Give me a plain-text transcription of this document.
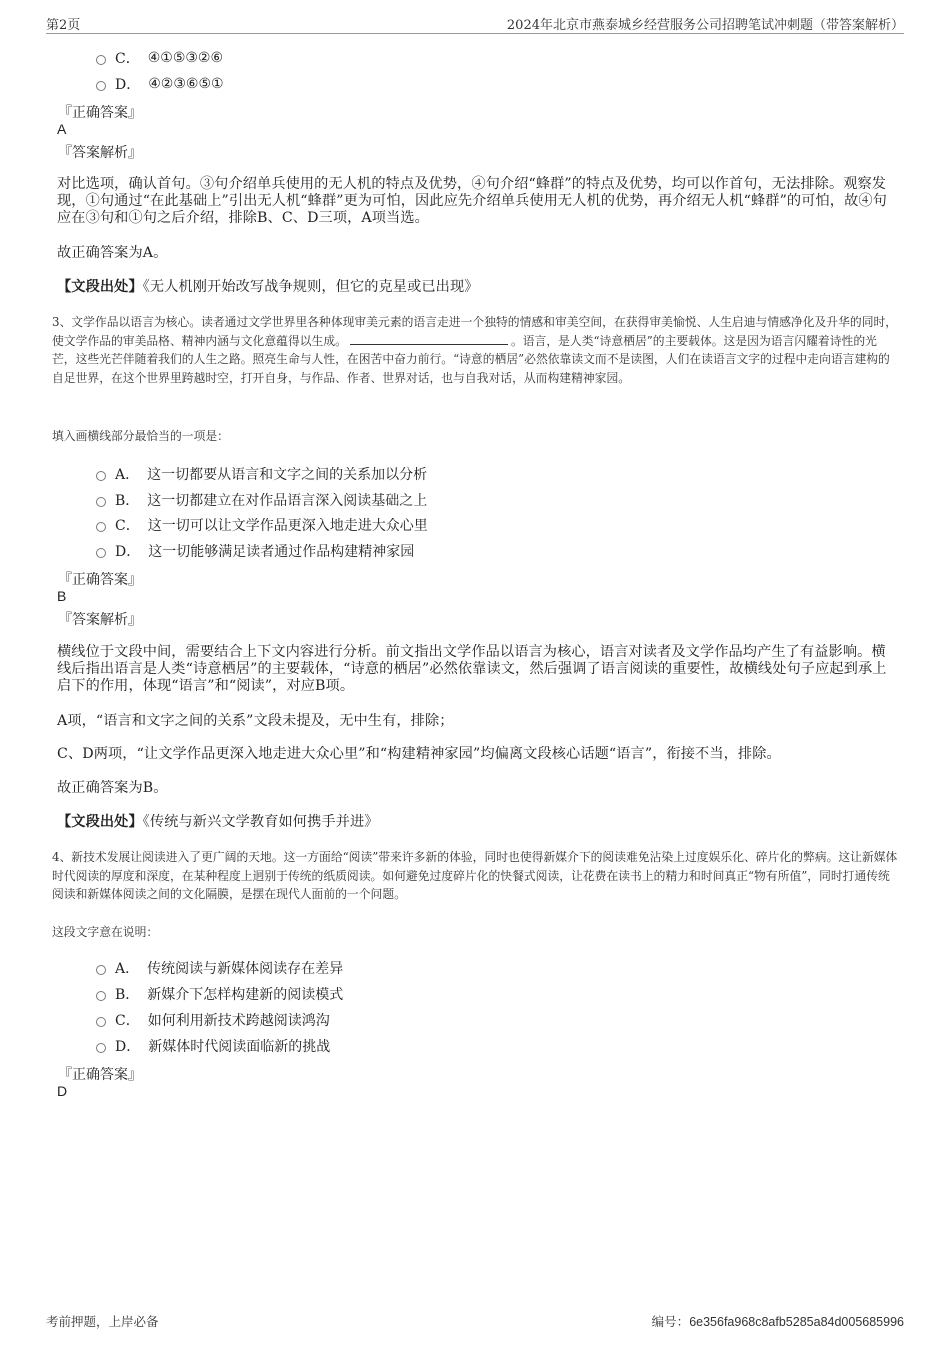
第2页	2024年北京市燕泰城乡经营服务公司招聘笔试冲刺题（带答案解析）
C． ④①⑤③②⑥
D． ④②③⑥⑤①
『正确答案』
A
『答案解析』
对比选项，确认首句。③句介绍单兵使用的无人机的特点及优势，④句介绍“蜂群”的特点及优势，均可以作首句，无法排除。观察发现，①句通过“在此基础上”引出无人机“蜂群”更为可怕，因此应先介绍单兵使用无人机的优势，再介绍无人机“蜂群”的可怕，故④句应在③句和①句之后介绍，排除B、C、D三项，A项当选。
故正确答案为A。
【文段出处】《无人机刚开始改写战争规则，但它的克星或已出现》
3、文学作品以语言为核心。读者通过文学世界里各种体现审美元素的语言走进一个独特的情感和审美空间，在获得审美愉悦、人生启迪与情感净化及升华的同时，使文学作品的审美品格、精神内涵与文化意蕴得以生成。	。语言，是人类“诗意栖居”的主要载体。这是因为语言闪耀着诗性的光芒，这些光芒伴随着我们的人生之路。照亮生命与人性，在困苦中奋力前行。“诗意的栖居”必然依靠读文而不是读图，人们在读语言文字的过程中走向语言建构的自足世界，在这个世界里跨越时空，打开自身，与作品、作者、世界对话，也与自我对话，从而构建精神家园。
填入画横线部分最恰当的一项是：
A． 这一切都要从语言和文字之间的关系加以分析
B． 这一切都建立在对作品语言深入阅读基础之上
C． 这一切可以让文学作品更深入地走进大众心里
D． 这一切能够满足读者通过作品构建精神家园
『正确答案』
B
『答案解析』
横线位于文段中间，需要结合上下文内容进行分析。前文指出文学作品以语言为核心，语言对读者及文学作品均产生了有益影响。横线后指出语言是人类“诗意栖居”的主要载体，“诗意的栖居”必然依靠读文，然后强调了语言阅读的重要性，故横线处句子应起到承上启下的作用，体现“语言”和“阅读”，对应B项。
A项，“语言和文字之间的关系”文段未提及，无中生有，排除；
C、D两项，“让文学作品更深入地走进大众心里”和“构建精神家园”均偏离文段核心话题“语言”，衔接不当，排除。
故正确答案为B。
【文段出处】《传统与新兴文学教育如何携手并进》
4、新技术发展让阅读进入了更广阔的天地。这一方面给“阅读”带来许多新的体验，同时也使得新媒介下的阅读难免沾染上过度娱乐化、碎片化的弊病。这让新媒体时代阅读的厚度和深度，在某种程度上迥别于传统的纸质阅读。如何避免过度碎片化的快餐式阅读，让花费在读书上的精力和时间真正“物有所值”，同时打通传统阅读和新媒体阅读之间的文化隔膜，是摆在现代人面前的一个问题。
这段文字意在说明：
A． 传统阅读与新媒体阅读存在差异
B． 新媒介下怎样构建新的阅读模式
C． 如何利用新技术跨越阅读鸿沟
D． 新媒体时代阅读面临新的挑战
『正确答案』
D
考前押题，上岸必备	编号：6e356fa968c8afb5285a84d005685996
